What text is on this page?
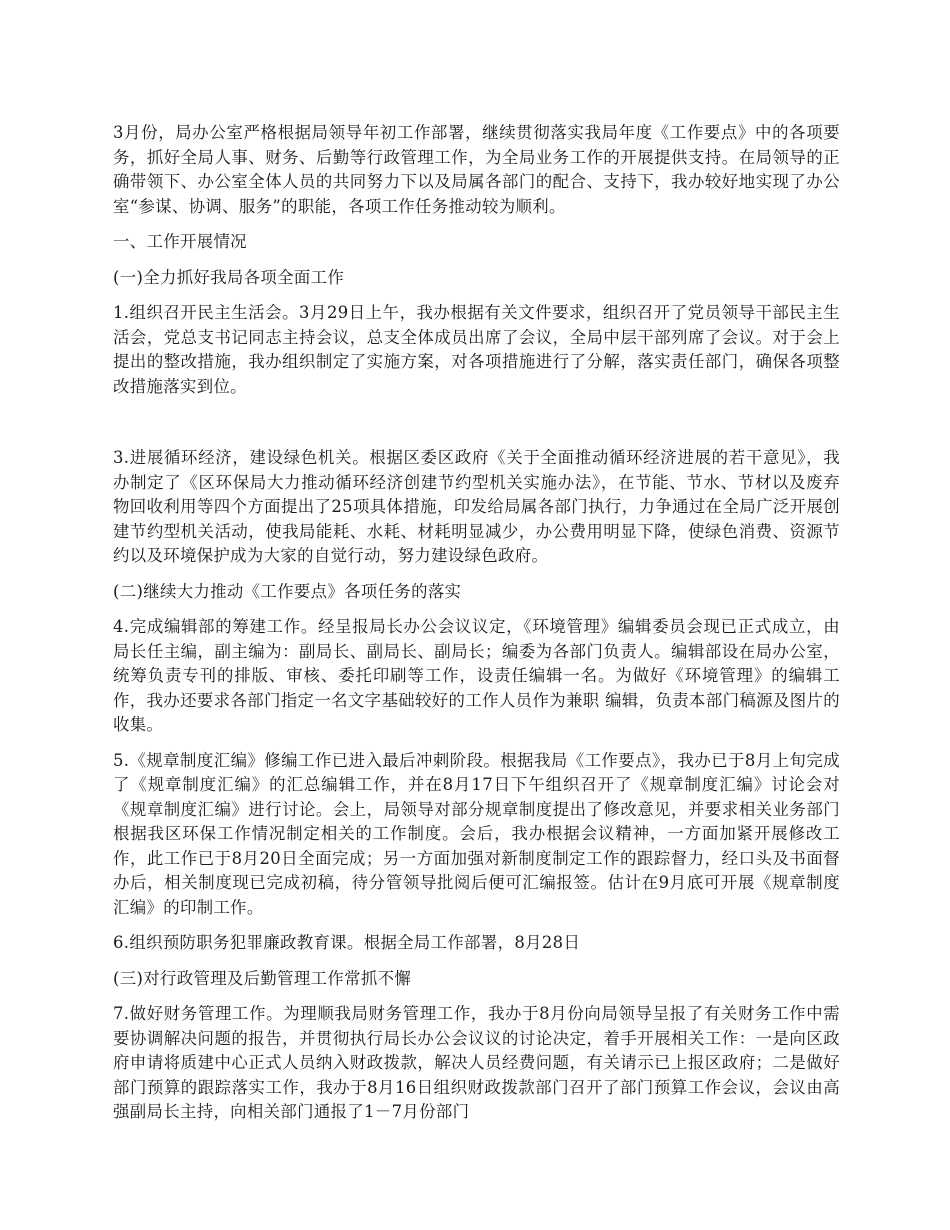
3月份，局办公室严格根据局领导年初工作部署，继续贯彻落实我局年度《工作要点》中的各项要务，抓好全局人事、财务、后勤等行政管理工作，为全局业务工作的开展提供支持。在局领导的正确带领下、办公室全体人员的共同努力下以及局属各部门的配合、支持下，我办较好地实现了办公室“参谋、协调、服务”的职能，各项工作任务推动较为顺利。

一、工作开展情况

(一)全力抓好我局各项全面工作

1.组织召开民主生活会。3月29日上午，我办根据有关文件要求，组织召开了党员领导干部民主生活会，党总支书记同志主持会议，总支全体成员出席了会议，全局中层干部列席了会议。对于会上提出的整改措施，我办组织制定了实施方案，对各项措施进行了分解，落实责任部门，确保各项整改措施落实到位。

3.进展循环经济，建设绿色机关。根据区委区政府《关于全面推动循环经济进展的若干意见》，我办制定了《区环保局大力推动循环经济创建节约型机关实施办法》，在节能、节水、节材以及废弃物回收利用等四个方面提出了25项具体措施，印发给局属各部门执行，力争通过在全局广泛开展创建节约型机关活动，使我局能耗、水耗、材耗明显减少，办公费用明显下降，使绿色消费、资源节约以及环境保护成为大家的自觉行动，努力建设绿色政府。

(二)继续大力推动《工作要点》各项任务的落实

4.完成编辑部的筹建工作。经呈报局长办公会议议定，《环境管理》编辑委员会现已正式成立，由局长任主编，副主编为：副局长、副局长、副局长；编委为各部门负责人。编辑部设在局办公室，统筹负责专刊的排版、审核、委托印刷等工作，设责任编辑一名。为做好《环境管理》的编辑工作，我办还要求各部门指定一名文字基础较好的工作人员作为兼职 编辑，负责本部门稿源及图片的收集。

5.《规章制度汇编》修编工作已进入最后冲刺阶段。根据我局《工作要点》，我办已于8月上旬完成了《规章制度汇编》的汇总编辑工作，并在8月17日下午组织召开了《规章制度汇编》讨论会对《规章制度汇编》进行讨论。会上，局领导对部分规章制度提出了修改意见，并要求相关业务部门根据我区环保工作情况制定相关的工作制度。会后，我办根据会议精神，一方面加紧开展修改工作，此工作已于8月20日全面完成；另一方面加强对新制度制定工作的跟踪督力，经口头及书面督办后，相关制度现已完成初稿，待分管领导批阅后便可汇编报签。估计在9月底可开展《规章制度汇编》的印制工作。

6.组织预防职务犯罪廉政教育课。根据全局工作部署，8月28日

(三)对行政管理及后勤管理工作常抓不懈

7.做好财务管理工作。为理顺我局财务管理工作，我办于8月份向局领导呈报了有关财务工作中需要协调解决问题的报告，并贯彻执行局长办公会议议的讨论决定，着手开展相关工作：一是向区政府申请将质建中心正式人员纳入财政拨款，解决人员经费问题，有关请示已上报区政府；二是做好部门预算的跟踪落实工作，我办于8月16日组织财政拨款部门召开了部门预算工作会议，会议由高强副局长主持，向相关部门通报了1－7月份部门
